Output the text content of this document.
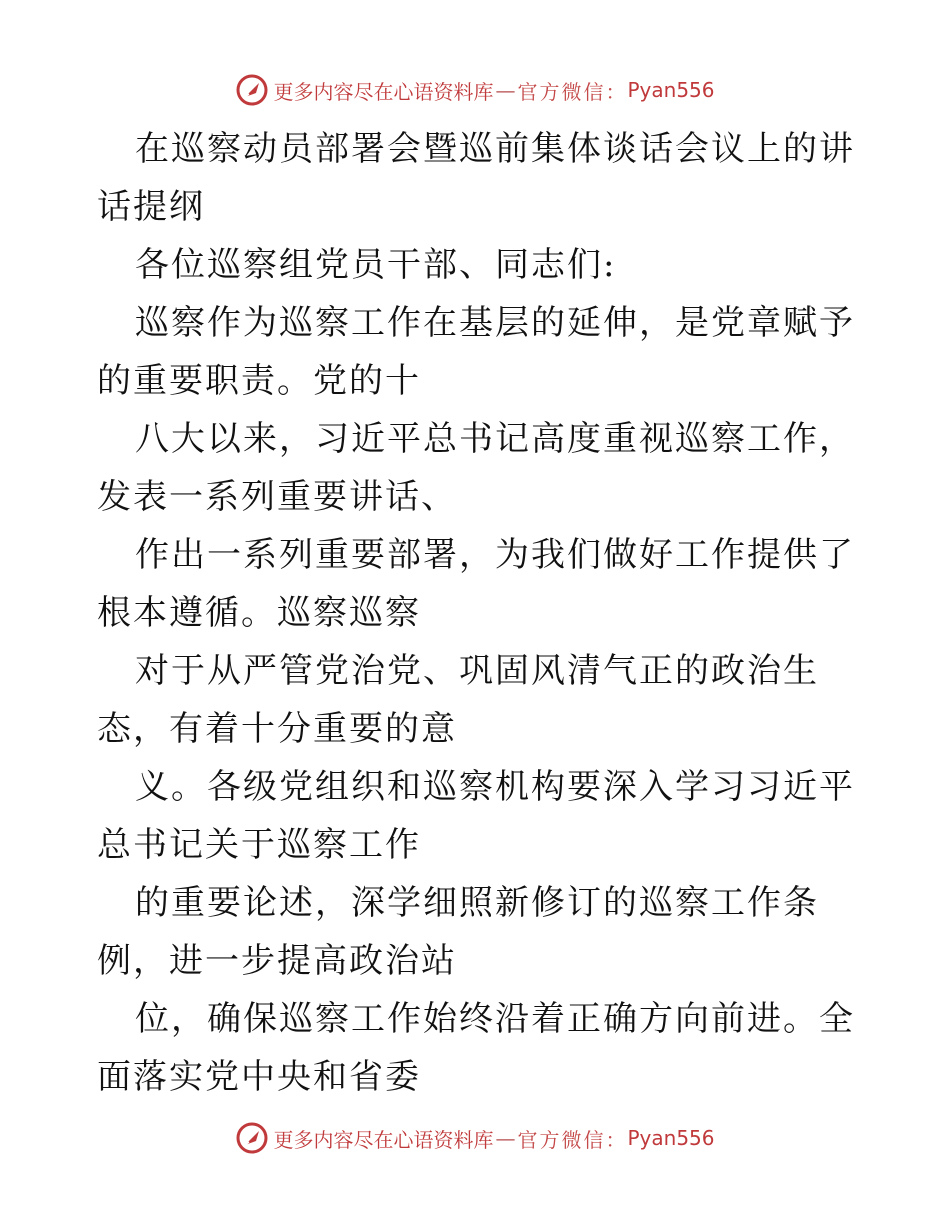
更多内容尽在心语资料库 — 官方微信： Pyan556

在巡察动员部署会暨巡前集体谈话会议上的讲话提纲

各位巡察组党员干部、同志们:

巡察作为巡察工作在基层的延伸，是党章赋予的重要职责。党的十

八大以来，习近平总书记高度重视巡察工作，发表一系列重要讲话、

作出一系列重要部署，为我们做好工作提供了根本遵循。巡察巡察

对于从严管党治党、巩固风清气正的政治生态，有着十分重要的意

义。各级党组织和巡察机构要深入学习习近平总书记关于巡察工作

的重要论述，深学细照新修订的巡察工作条例，进一步提高政治站

位，确保巡察工作始终沿着正确方向前进。全面落实党中央和省委

更多内容尽在心语资料库 — 官方微信： Pyan556
